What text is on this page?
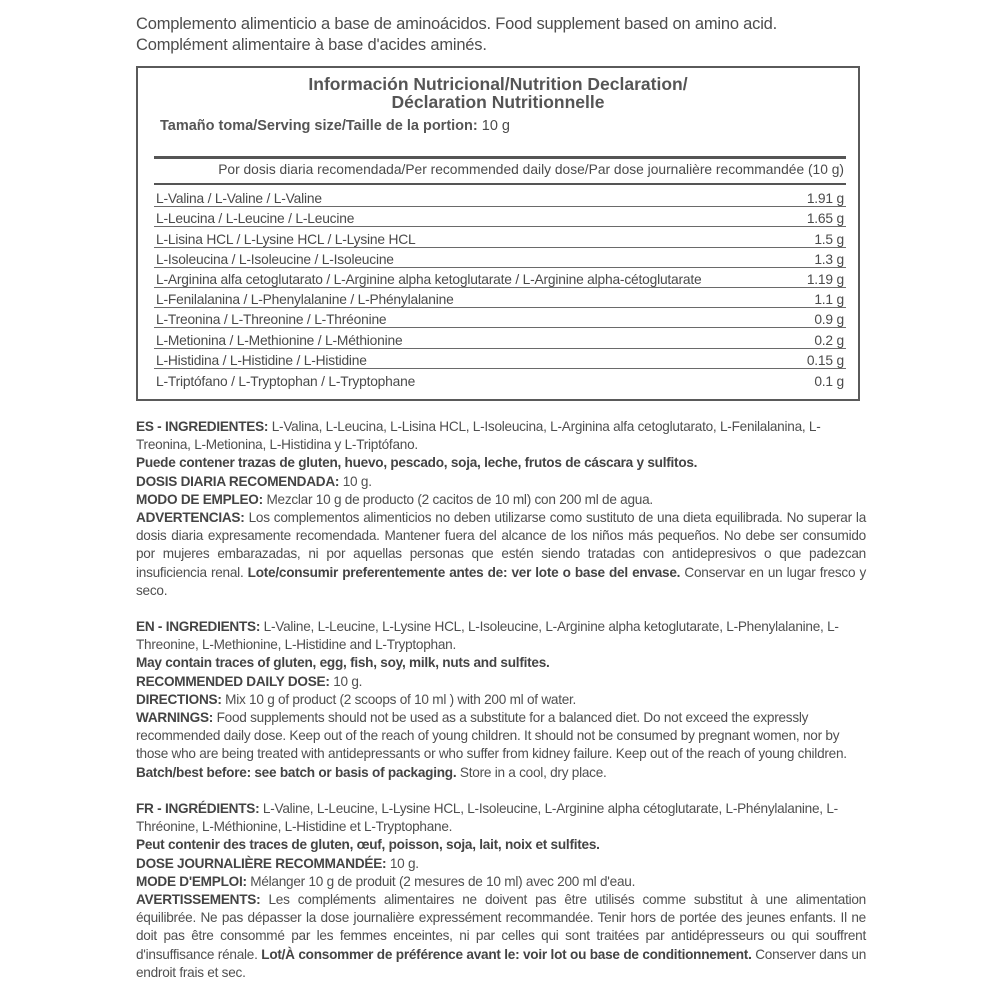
Complemento alimenticio a base de aminoácidos. Food supplement based on amino acid. Complément alimentaire à base d'acides aminés.
Información Nutricional/Nutrition Declaration/
Déclaration Nutritionnelle
Tamaño toma/Serving size/Taille de la portion: 10 g
Por dosis diaria recomendada/Per recommended daily dose/Par dose journalière recommandée (10 g)
L-Valina / L-Valine / L-Valine	1.91 g
L-Leucina / L-Leucine / L-Leucine	1.65 g
L-Lisina HCL / L-Lysine HCL / L-Lysine HCL	1.5 g
L-Isoleucina / L-Isoleucine / L-Isoleucine	1.3 g
L-Arginina alfa cetoglutarato / L-Arginine alpha ketoglutarate / L-Arginine alpha-cétoglutarate	1.19 g
L-Fenilalanina / L-Phenylalanine / L-Phénylalanine	1.1 g
L-Treonina / L-Threonine / L-Thréonine	0.9 g
L-Metionina / L-Methionine / L-Méthionine	0.2 g
L-Histidina / L-Histidine / L-Histidine	0.15 g
L-Triptófano / L-Tryptophan / L-Tryptophane	0.1 g

ES - INGREDIENTES: L-Valina, L-Leucina, L-Lisina HCL, L-Isoleucina, L-Arginina alfa cetoglutarato, L-Fenilalanina, L-Treonina, L-Metionina, L-Histidina y L-Triptófano.

Puede contener trazas de gluten, huevo, pescado, soja, leche, frutos de cáscara y sulfitos.

DOSIS DIARIA RECOMENDADA: 10 g.

MODO DE EMPLEO: Mezclar 10 g de producto (2 cacitos de 10 ml) con 200 ml de agua.

ADVERTENCIAS: Los complementos alimenticios no deben utilizarse como sustituto de una dieta equilibrada. No superar la dosis diaria expresamente recomendada. Mantener fuera del alcance de los niños más pequeños. No debe ser consumido por mujeres embarazadas, ni por aquellas personas que estén siendo tratadas con antidepresivos o que padezcan insuficiencia renal. Lote/consumir preferentemente antes de: ver lote o base del envase. Conservar en un lugar fresco y seco.

EN - INGREDIENTS: L-Valine, L-Leucine, L-Lysine HCL, L-Isoleucine, L-Arginine alpha ketoglutarate, L-Phenylalanine, L-Threonine, L-Methionine, L-Histidine and L-Tryptophan.

May contain traces of gluten, egg, fish, soy, milk, nuts and sulfites.

RECOMMENDED DAILY DOSE: 10 g.

DIRECTIONS: Mix 10 g of product (2 scoops of 10 ml ) with 200 ml of water.

WARNINGS: Food supplements should not be used as a substitute for a balanced diet. Do not exceed the expressly recommended daily dose. Keep out of the reach of young children. It should not be consumed by pregnant women, nor by those who are being treated with antidepressants or who suffer from kidney failure. Keep out of the reach of young children. Batch/best before: see batch or basis of packaging. Store in a cool, dry place.

FR - INGRÉDIENTS: L-Valine, L-Leucine, L-Lysine HCL, L-Isoleucine, L-Arginine alpha cétoglutarate, L-Phénylalanine, L-Thréonine, L-Méthionine, L-Histidine et L-Tryptophane.

Peut contenir des traces de gluten, œuf, poisson, soja, lait, noix et sulfites.

DOSE JOURNALIÈRE RECOMMANDÉE: 10 g.

MODE D'EMPLOI: Mélanger 10 g de produit (2 mesures de 10 ml) avec 200 ml d'eau.

AVERTISSEMENTS: Les compléments alimentaires ne doivent pas être utilisés comme substitut à une alimentation équilibrée. Ne pas dépasser la dose journalière expressément recommandée. Tenir hors de portée des jeunes enfants. Il ne doit pas être consommé par les femmes enceintes, ni par celles qui sont traitées par antidépresseurs ou qui souffrent d'insuffisance rénale. Lot/À consommer de préférence avant le: voir lot ou base de conditionnement. Conserver dans un endroit frais et sec.
